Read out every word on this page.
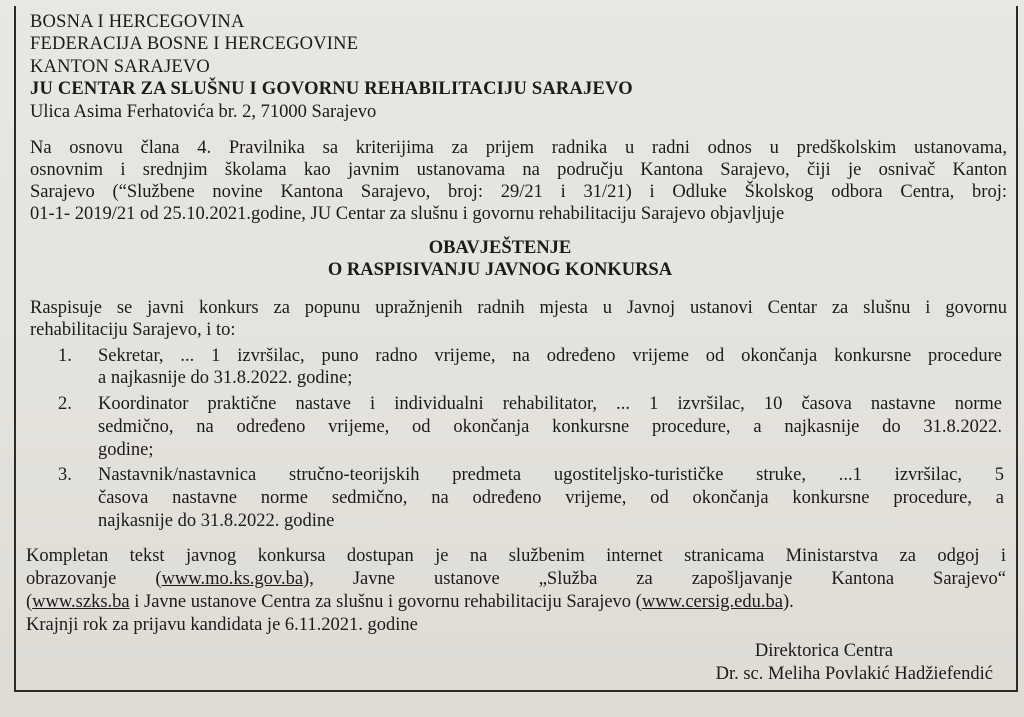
BOSNA I HERCEGOVINA
FEDERACIJA BOSNE I HERCEGOVINE
KANTON SARAJEVO
JU CENTAR ZA SLUŠNU I GOVORNU REHABILITACIJU SARAJEVO
Ulica Asima Ferhatovića br. 2, 71000 Sarajevo
Na osnovu člana 4. Pravilnika sa kriterijima za prijem radnika u radni odnos u predškolskim ustanovama,
osnovnim i srednjim školama kao javnim ustanovama na području Kantona Sarajevo, čiji je osnivač Kanton
Sarajevo (“Službene novine Kantona Sarajevo, broj: 29/21 i 31/21) i Odluke Školskog odbora Centra, broj:
01-1- 2019/21 od 25.10.2021.godine, JU Centar za slušnu i govornu rehabilitaciju Sarajevo objavljuje
OBAVJEŠTENJE
O RASPISIVANJU JAVNOG KONKURSA
Raspisuje se javni konkurs za popunu upražnjenih radnih mjesta u Javnoj ustanovi Centar za slušnu i govornu
rehabilitaciju Sarajevo, i to:
1. Sekretar, ... 1 izvršilac, puno radno vrijeme, na određeno vrijeme od okončanja konkursne procedure
a najkasnije do 31.8.2022. godine;
2. Koordinator praktične nastave i individualni rehabilitator, ... 1 izvršilac, 10 časova nastavne norme
sedmično, na određeno vrijeme, od okončanja konkursne procedure, a najkasnije do 31.8.2022.
godine;
3. Nastavnik/nastavnica stručno-teorijskih predmeta ugostiteljsko-turističke struke, ...1 izvršilac, 5
časova nastavne norme sedmično, na određeno vrijeme, od okončanja konkursne procedure, a
najkasnije do 31.8.2022. godine
Kompletan tekst javnog konkursa dostupan je na službenim internet stranicama Ministarstva za odgoj i
obrazovanje (www.mo.ks.gov.ba), Javne ustanove „Služba za zapošljavanje Kantona Sarajevo“
(www.szks.ba i Javne ustanove Centra za slušnu i govornu rehabilitaciju Sarajevo (www.cersig.edu.ba).
Krajnji rok za prijavu kandidata je 6.11.2021. godine
Direktorica Centra
Dr. sc. Meliha Povlakić Hadžiefendić
